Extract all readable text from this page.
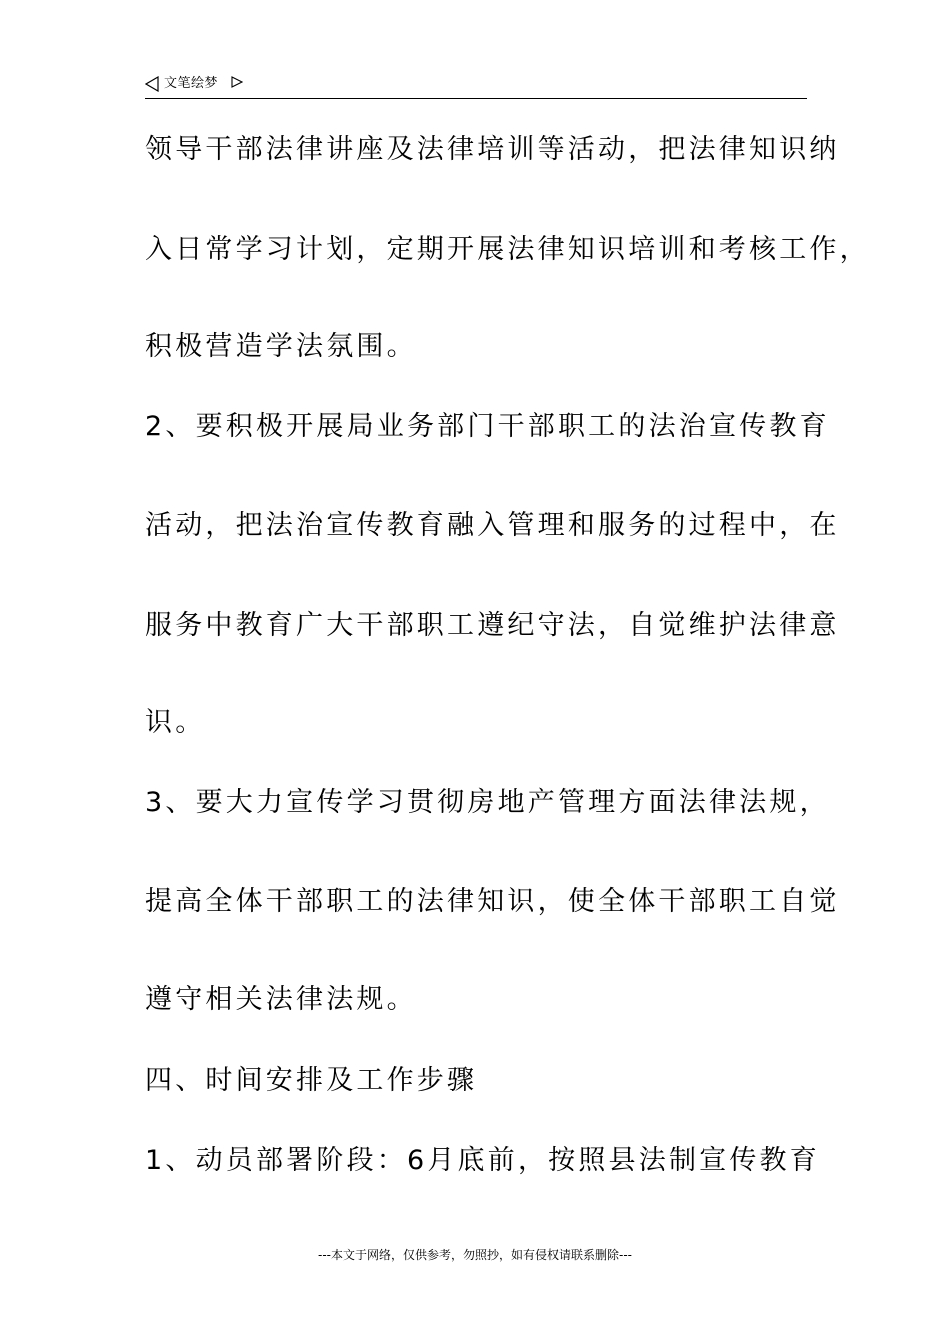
文笔绘梦
领导干部法律讲座及法律培训等活动，把法律知识纳
入日常学习计划，定期开展法律知识培训和考核工作，
积极营造学法氛围。
2、要积极开展局业务部门干部职工的法治宣传教育
活动，把法治宣传教育融入管理和服务的过程中，在
服务中教育广大干部职工遵纪守法，自觉维护法律意
识。
3、要大力宣传学习贯彻房地产管理方面法律法规，
提高全体干部职工的法律知识，使全体干部职工自觉
遵守相关法律法规。
四、时间安排及工作步骤
1、动员部署阶段：6月底前，按照县法制宣传教育
---本文于网络，仅供参考，勿照抄，如有侵权请联系删除---
